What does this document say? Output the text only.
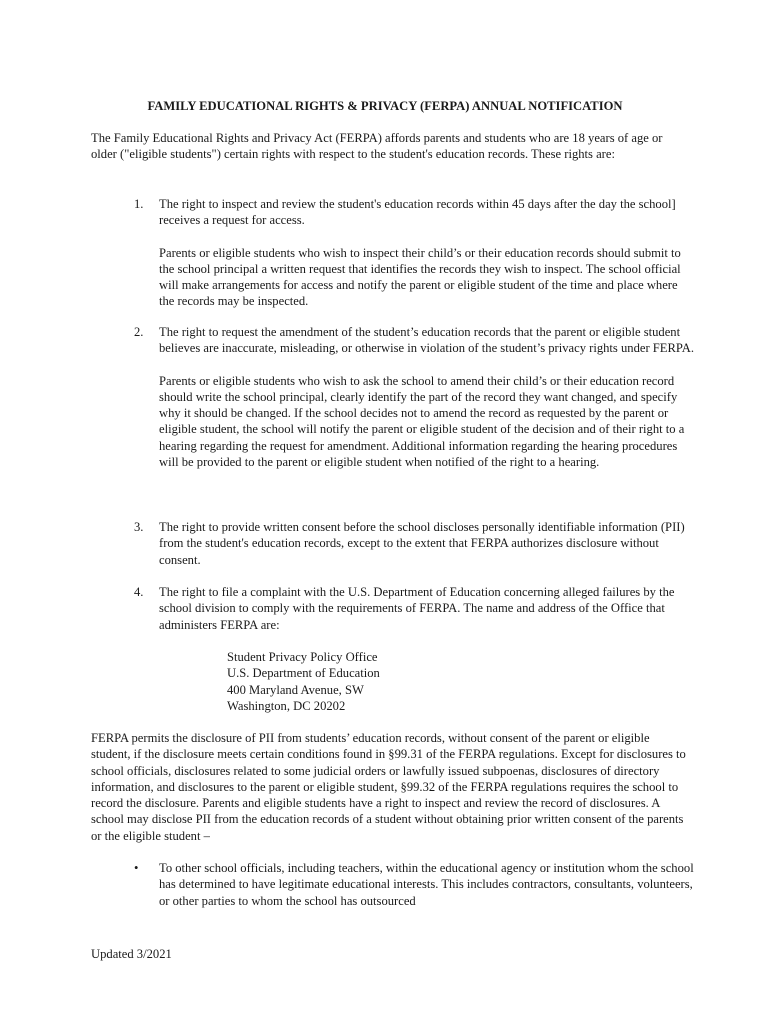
FAMILY EDUCATIONAL RIGHTS & PRIVACY (FERPA) ANNUAL NOTIFICATION

The Family Educational Rights and Privacy Act (FERPA) affords parents and students who are 18 years of age or older ("eligible students") certain rights with respect to the student's education records. These rights are:

1.	The right to inspect and review the student's education records within 45 days after the day the school] receives a request for access.

Parents or eligible students who wish to inspect their child’s or their education records should submit to the school principal a written request that identifies the records they wish to inspect. The school official will make arrangements for access and notify the parent or eligible student of the time and place where the records may be inspected.

2.	The right to request the amendment of the student’s education records that the parent or eligible student believes are inaccurate, misleading, or otherwise in violation of the student’s privacy rights under FERPA.

Parents or eligible students who wish to ask the school to amend their child’s or their education record should write the school principal, clearly identify the part of the record they want changed, and specify why it should be changed. If the school decides not to amend the record as requested by the parent or eligible student, the school will notify the parent or eligible student of the decision and of their right to a hearing regarding the request for amendment. Additional information regarding the hearing procedures will be provided to the parent or eligible student when notified of the right to a hearing.

3.	The right to provide written consent before the school discloses personally identifiable information (PII) from the student's education records, except to the extent that FERPA authorizes disclosure without consent.

4.	The right to file a complaint with the U.S. Department of Education concerning alleged failures by the school division to comply with the requirements of FERPA. The name and address of the Office that administers FERPA are:

Student Privacy Policy Office
U.S. Department of Education
400 Maryland Avenue, SW
Washington, DC 20202

FERPA permits the disclosure of PII from students’ education records, without consent of the parent or eligible student, if the disclosure meets certain conditions found in §99.31 of the FERPA regulations. Except for disclosures to school officials, disclosures related to some judicial orders or lawfully issued subpoenas, disclosures of directory information, and disclosures to the parent or eligible student, §99.32 of the FERPA regulations requires the school to record the disclosure. Parents and eligible students have a right to inspect and review the record of disclosures. A school may disclose PII from the education records of a student without obtaining prior written consent of the parents or the eligible student –

•	To other school officials, including teachers, within the educational agency or institution whom the school has determined to have legitimate educational interests. This includes contractors, consultants, volunteers, or other parties to whom the school has outsourced
Updated 3/2021
